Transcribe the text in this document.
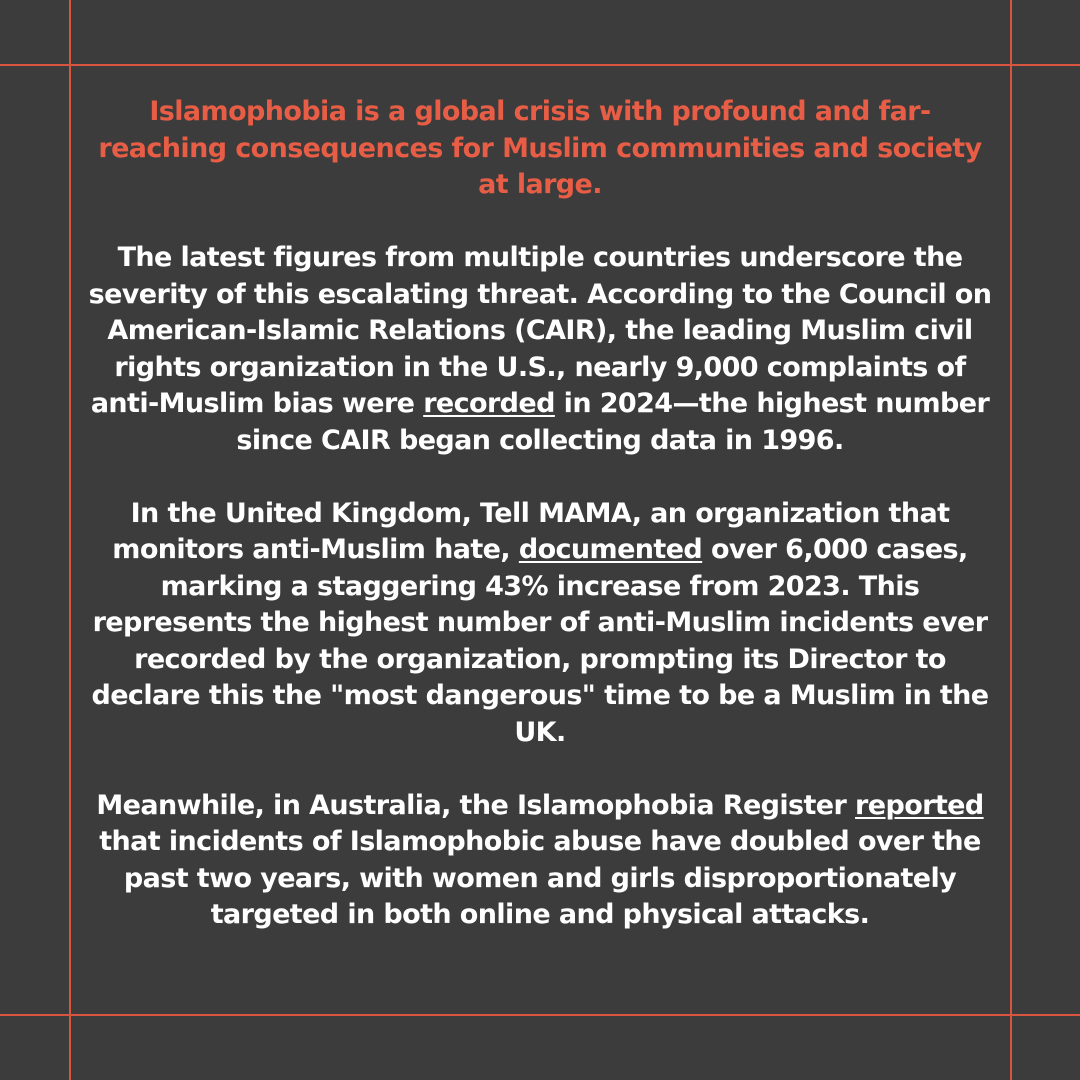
Islamophobia is a global crisis with profound and far-reaching consequences for Muslim communities and society at large.

The latest figures from multiple countries underscore the severity of this escalating threat. According to the Council on American-Islamic Relations (CAIR), the leading Muslim civil rights organization in the U.S., nearly 9,000 complaints of anti-Muslim bias were recorded in 2024—the highest number since CAIR began collecting data in 1996.

In the United Kingdom, Tell MAMA, an organization that monitors anti-Muslim hate, documented over 6,000 cases, marking a staggering 43% increase from 2023. This represents the highest number of anti-Muslim incidents ever recorded by the organization, prompting its Director to declare this the "most dangerous" time to be a Muslim in the UK.

Meanwhile, in Australia, the Islamophobia Register reported that incidents of Islamophobic abuse have doubled over the past two years, with women and girls disproportionately targeted in both online and physical attacks.
